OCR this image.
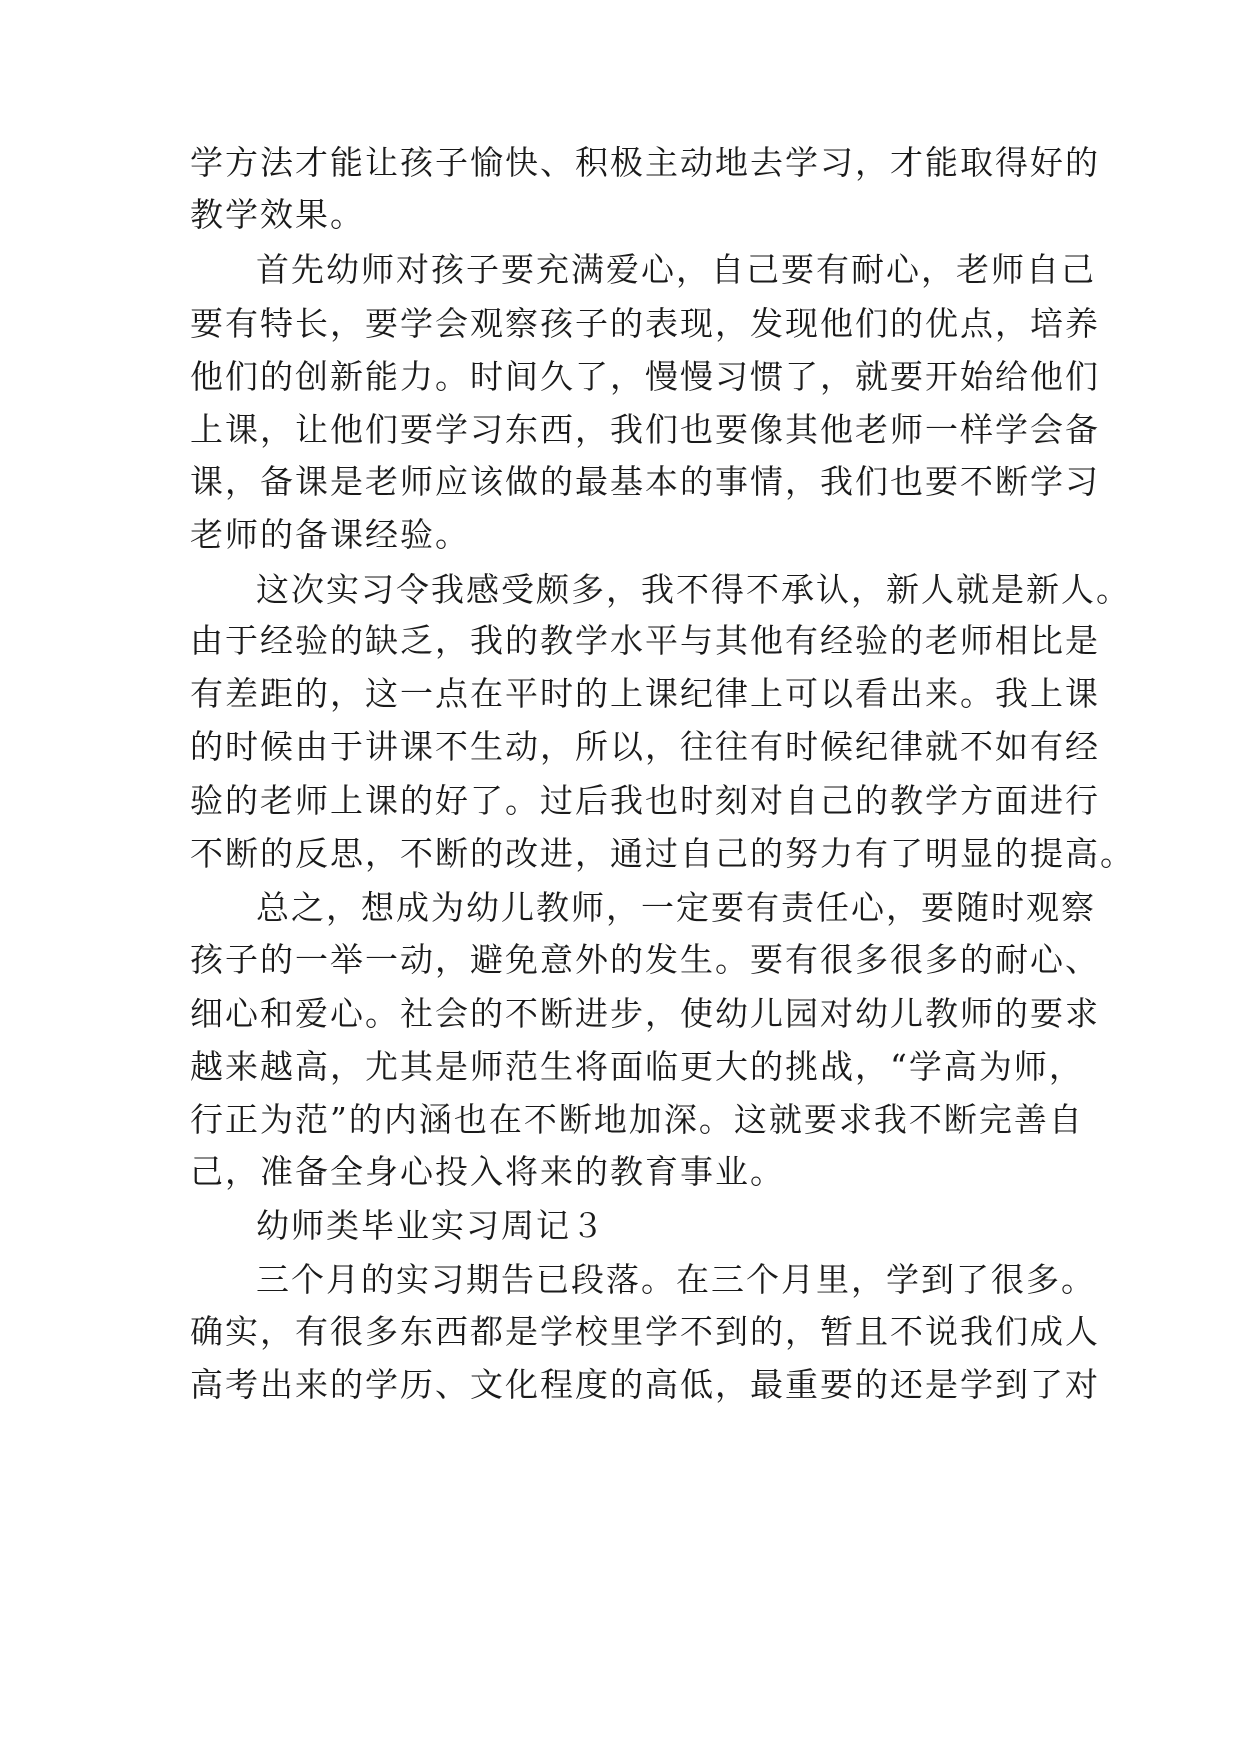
学方法才能让孩子愉快、积极主动地去学习，才能取得好的
教学效果。
首先幼师对孩子要充满爱心，自己要有耐心，老师自己
要有特长，要学会观察孩子的表现，发现他们的优点，培养
他们的创新能力。时间久了，慢慢习惯了，就要开始给他们
上课，让他们要学习东西，我们也要像其他老师一样学会备
课，备课是老师应该做的最基本的事情，我们也要不断学习
老师的备课经验。
这次实习令我感受颇多，我不得不承认，新人就是新人。
由于经验的缺乏，我的教学水平与其他有经验的老师相比是
有差距的，这一点在平时的上课纪律上可以看出来。我上课
的时候由于讲课不生动，所以，往往有时候纪律就不如有经
验的老师上课的好了。过后我也时刻对自己的教学方面进行
不断的反思，不断的改进，通过自己的努力有了明显的提高。
总之，想成为幼儿教师，一定要有责任心，要随时观察
孩子的一举一动，避免意外的发生。要有很多很多的耐心、
细心和爱心。社会的不断进步，使幼儿园对幼儿教师的要求
越来越高，尤其是师范生将面临更大的挑战，“学高为师，
行正为范”的内涵也在不断地加深。这就要求我不断完善自
己，准备全身心投入将来的教育事业。
幼师类毕业实习周记３
三个月的实习期告已段落。在三个月里，学到了很多。
确实，有很多东西都是学校里学不到的，暂且不说我们成人
高考出来的学历、文化程度的高低，最重要的还是学到了对
